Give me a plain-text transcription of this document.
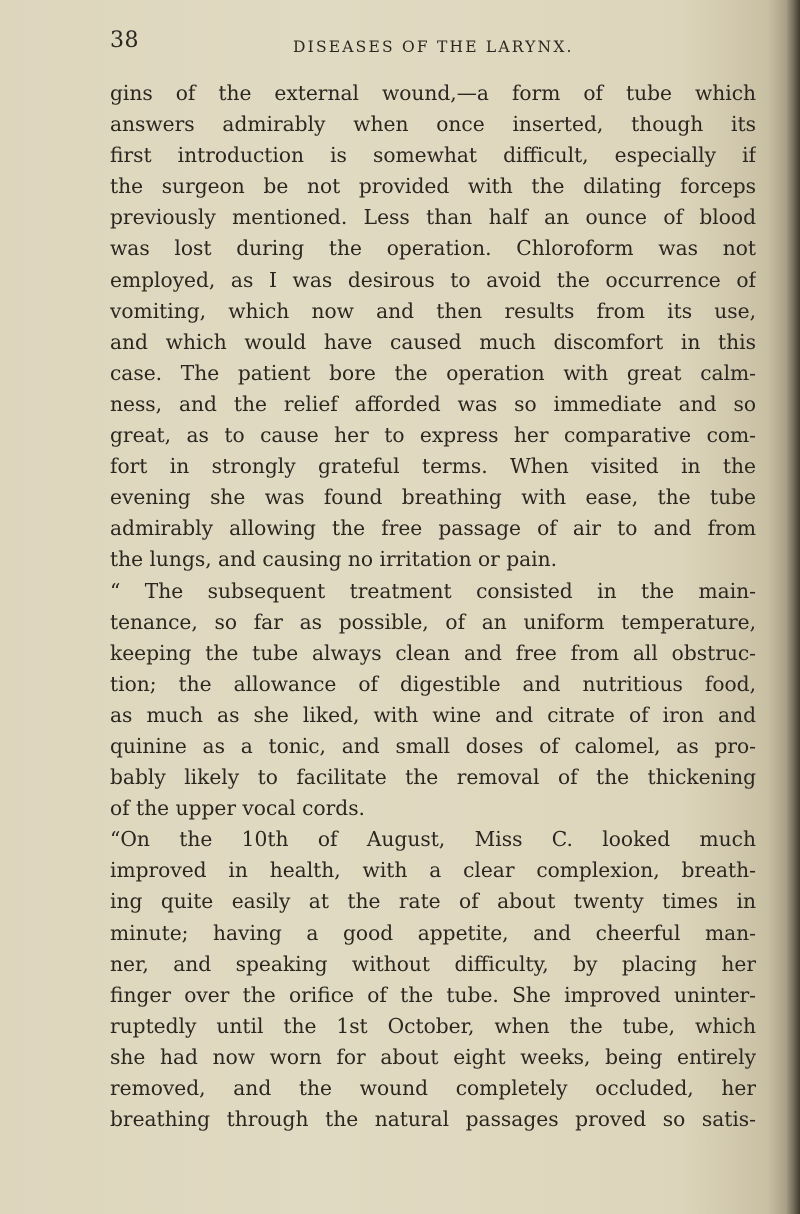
38	DISEASES OF THE LARYNX.
gins of the external wound,—a form of tube which
answers admirably when once inserted, though its
first introduction is somewhat difficult, especially if
the surgeon be not provided with the dilating forceps
previously mentioned. Less than half an ounce of blood
was lost during the operation. Chloroform was not
employed, as I was desirous to avoid the occurrence of
vomiting, which now and then results from its use,
and which would have caused much discomfort in this
case. The patient bore the operation with great calm-
ness, and the relief afforded was so immediate and so
great, as to cause her to express her comparative com-
fort in strongly grateful terms. When visited in the
evening she was found breathing with ease, the tube
admirably allowing the free passage of air to and from
the lungs, and causing no irritation or pain.
“ The subsequent treatment consisted in the main-
tenance, so far as possible, of an uniform temperature,
keeping the tube always clean and free from all obstruc-
tion; the allowance of digestible and nutritious food,
as much as she liked, with wine and citrate of iron and
quinine as a tonic, and small doses of calomel, as pro-
bably likely to facilitate the removal of the thickening
of the upper vocal cords.
“On the 10th of August, Miss C. looked much
improved in health, with a clear complexion, breath-
ing quite easily at the rate of about twenty times in
minute; having a good appetite, and cheerful man-
ner, and speaking without difficulty, by placing her
finger over the orifice of the tube. She improved uninter-
ruptedly until the 1st October, when the tube, which
she had now worn for about eight weeks, being entirely
removed, and the wound completely occluded, her
breathing through the natural passages proved so satis-
